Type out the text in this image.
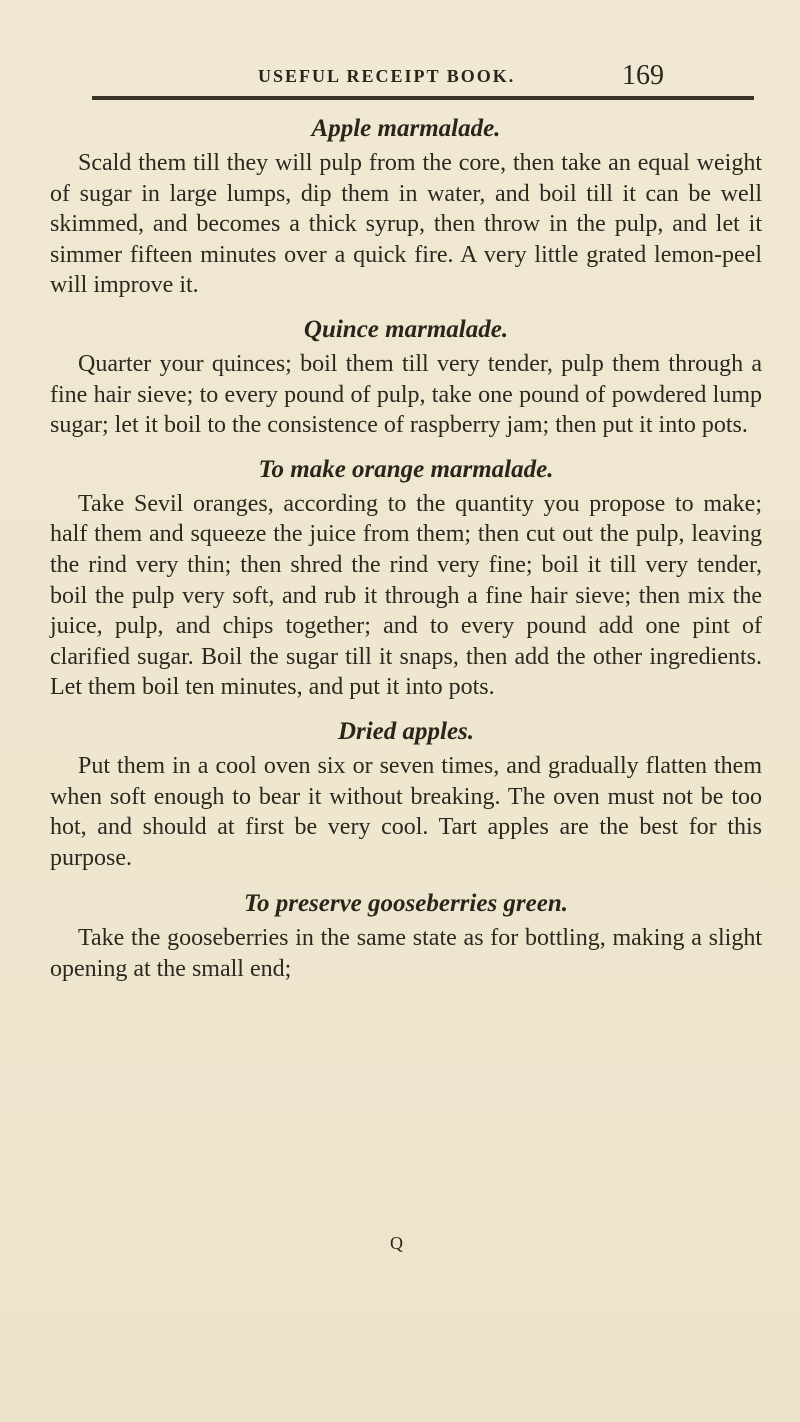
USEFUL RECEIPT BOOK.	169
Apple marmalade.

Scald them till they will pulp from the core, then take an equal weight of sugar in large lumps, dip them in water, and boil till it can be well skimmed, and becomes a thick syrup, then throw in the pulp, and let it simmer fifteen minutes over a quick fire. A very little grated lemon-peel will improve it.

Quince marmalade.

Quarter your quinces; boil them till very tender, pulp them through a fine hair sieve; to every pound of pulp, take one pound of powdered lump sugar; let it boil to the consistence of raspberry jam; then put it into pots.

To make orange marmalade.

Take Sevil oranges, according to the quantity you propose to make; half them and squeeze the juice from them; then cut out the pulp, leaving the rind very thin; then shred the rind very fine; boil it till very tender, boil the pulp very soft, and rub it through a fine hair sieve; then mix the juice, pulp, and chips together; and to every pound add one pint of clarified sugar. Boil the sugar till it snaps, then add the other ingredients. Let them boil ten minutes, and put it into pots.

Dried apples.

Put them in a cool oven six or seven times, and gradually flatten them when soft enough to bear it without breaking. The oven must not be too hot, and should at first be very cool. Tart apples are the best for this purpose.

To preserve gooseberries green.

Take the gooseberries in the same state as for bottling, making a slight opening at the small end;

Q
